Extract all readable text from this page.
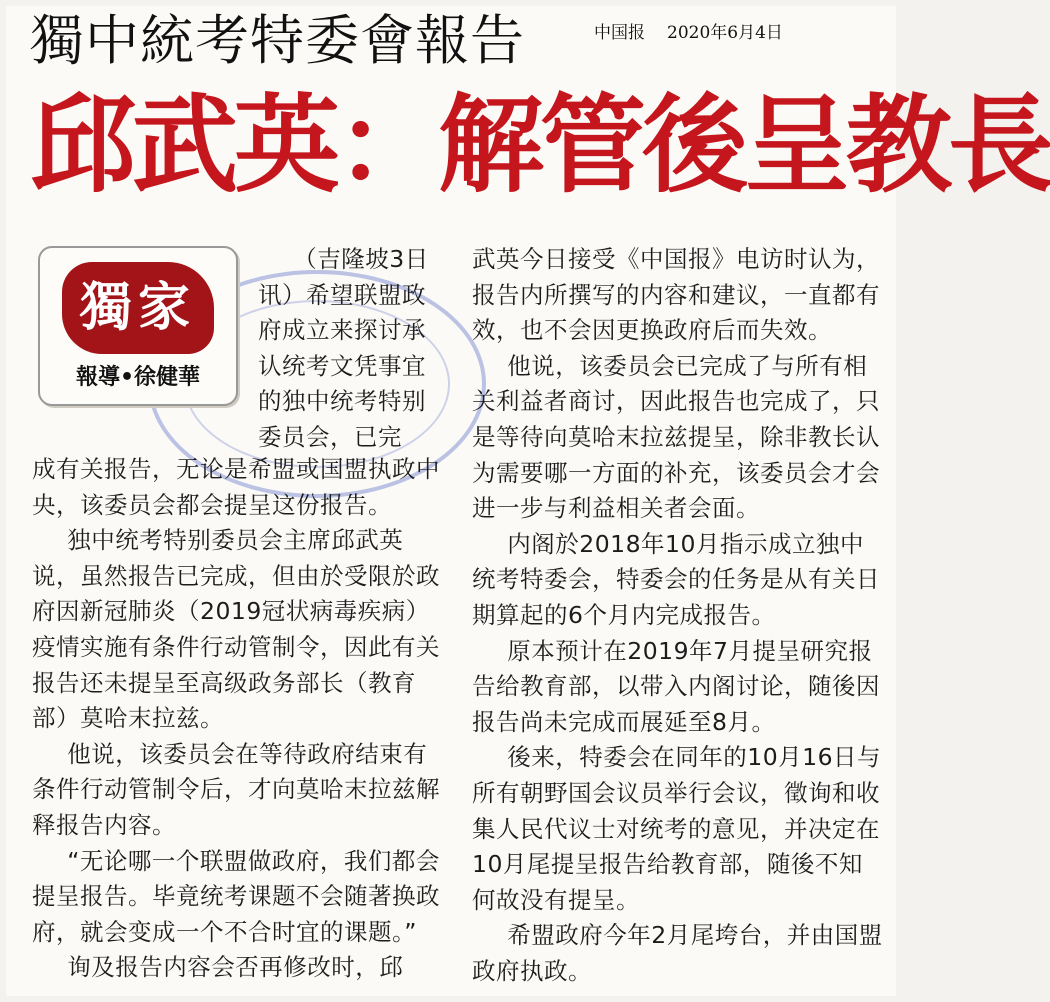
獨中統考特委會報告	中国报 2020年6月4日
邱武英：解管後呈教長
獨家
報導•徐健華

（吉隆坡3日

讯）希望联盟政

府成立来探讨承

认统考文凭事宜

的独中统考特别

委员会，已完

成有关报告，无论是希盟或国盟执政中央，该委员会都会提呈这份报告。

独中统考特别委员会主席邱武英说，虽然报告已完成，但由於受限於政府因新冠肺炎（2019冠状病毒疾病）疫情实施有条件行动管制令，因此有关报告还未提呈至高级政务部长（教育部）莫哈末拉兹。

他说，该委员会在等待政府结束有条件行动管制令后，才向莫哈末拉兹解释报告内容。

“无论哪一个联盟做政府，我们都会提呈报告。毕竟统考课题不会随著换政府，就会变成一个不合时宜的课题。”

询及报告内容会否再修改时，邱

武英今日接受《中国报》电访时认为，报告内所撰写的内容和建议，一直都有效，也不会因更换政府后而失效。

他说，该委员会已完成了与所有相关利益者商讨，因此报告也完成了，只是等待向莫哈末拉兹提呈，除非教长认为需要哪一方面的补充，该委员会才会进一步与利益相关者会面。

内阁於2018年10月指示成立独中统考特委会，特委会的任务是从有关日期算起的6个月内完成报告。

原本预计在2019年7月提呈研究报告给教育部，以带入内阁讨论，随後因报告尚未完成而展延至8月。

後来，特委会在同年的10月16日与所有朝野国会议员举行会议，徵询和收集人民代议士对统考的意见，并决定在10月尾提呈报告给教育部，随後不知何故没有提呈。

希盟政府今年2月尾垮台，并由国盟政府执政。
